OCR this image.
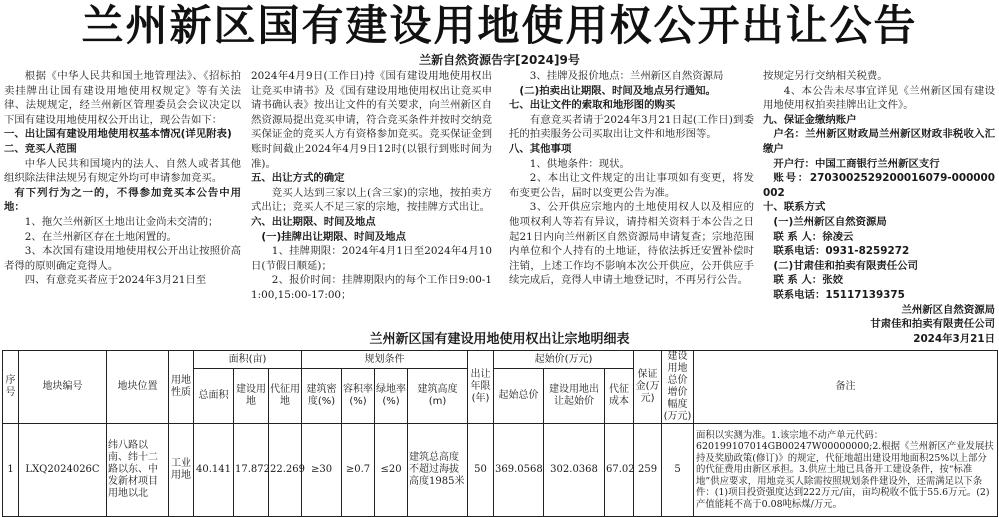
兰州新区国有建设用地使用权公开出让公告
兰新自然资源告字[2024]9号

根据《中华人民共和国土地管理法》、《招标拍卖挂牌出让国有建设用地使用权规定》等有关法律、法规规定，经兰州新区管理委员会会议决定以下国有建设用地使用权公开出让，现公告如下：

一、出让国有建设用地使用权基本情况(详见附表)

二、竞买人范围

中华人民共和国境内的法人、自然人或者其他组织除法律法规另有规定外均可申请参加竞买。

有下列行为之一的，不得参加竞买本公告中用地：

1、拖欠兰州新区土地出让金尚未交清的；

2、在兰州新区存在土地闲置的。

3、本次国有建设用地使用权公开出让按照价高者得的原则确定竞得人。

四、有意竞买者应于2024年3月21日至

2024年4月9日(工作日)持《国有建设用地使用权出让竞买申请书》及《国有建设用地使用权出让竞买申请书确认表》按出让文件的有关要求，向兰州新区自然资源局提出竞买申请，符合竞买条件并按时交纳竞买保证金的竞买人方有资格参加竞买。竞买保证金到账时间截止2024年4月9日12时(以银行到账时间为准)。

五、出让方式的确定

竞买人达到三家以上(含三家)的宗地，按拍卖方式出让；竞买人不足三家的宗地，按挂牌方式出让。

六、出让期限、时间及地点

(一)挂牌出让期限、时间及地点

1、挂牌期限：2024年4月1日至2024年4月10日(节假日顺延)；

2、报价时间：挂牌期限内的每个工作日9:00-11:00,15:00-17:00；

3、挂牌及报价地点：兰州新区自然资源局

(二)拍卖出让期限、时间及地点另行通知。

七、出让文件的索取和地形图的购买

有意竞买者请于2024年3月21日起(工作日)到委托的拍卖服务公司买取出让文件和地形图等。

八、其他事项

1、供地条件：现状。

2、本出让文件规定的出让事项如有变更，将发布变更公告，届时以变更公告为准。

3、公开供应宗地内的土地使用权人以及相应的他项权利人等若有异议，请持相关资料于本公告之日起21日内向兰州新区自然资源局申请复查；宗地范围内单位和个人持有的土地证，待依法拆迁安置补偿时注销，上述工作均不影响本次公开供应，公开供应手续完成后，竞得人申请土地登记时，不再另行公告。

按规定另行交纳相关税费。

4、本公告未尽事宜详见《兰州新区国有建设用地使用权拍卖挂牌出让文件》。

九、保证金缴纳账户

户名：兰州新区财政局兰州新区财政非税收入汇缴户

开户行：中国工商银行兰州新区支行

账号：2703002529200016079-000000002

十、联系方式

(一)兰州新区自然资源局

联 系 人：徐凌云

联系电话：0931-8259272

(二)甘肃佳和拍卖有限责任公司

联 系 人：张姣

联系电话：15117139375

兰州新区自然资源局

甘肃佳和拍卖有限责任公司

2024年3月21日

兰州新区国有建设用地使用权出让宗地明细表
序号	地块编号	地块位置	用地性质	面积(亩)			规划条件				出让年限(年)	起始价(万元)			保证金(万元)	建设用地总价增价幅度(万元)	备注
				总面积	建设用地	代征用地	建筑密度(%)	容积率(%)	绿地率(%)	建筑高度(m)		起始总价	建设用地出让起始价	代征成本			
1	LXQ2024026C	纬八路以南、纬十二路以东、中发新材项目用地以北	工业用地	40.141	17.872	22.269	≥30	≥0.7	≤20	建筑总高度不超过海拔高度1985米	50	369.0568	302.0368	67.02	259	5	面积以实测为准。1.该宗地不动产单元代码：620199107014GB00247W00000000;2.根据《兰州新区产业发展扶持及奖励政策(修订)》的规定，代征地超出建设用地面积25%以上部分的代征费用由新区承担。3.供应土地已具备开工建设条件，按“标准地”供应要求，用地竞买人除需按照规划条件建设外，还需满足以下条件：(1)项目投资强度达到222万元/亩，亩均税收不低于55.6万元。(2)产值能耗不高于0.08吨标煤/万元。
